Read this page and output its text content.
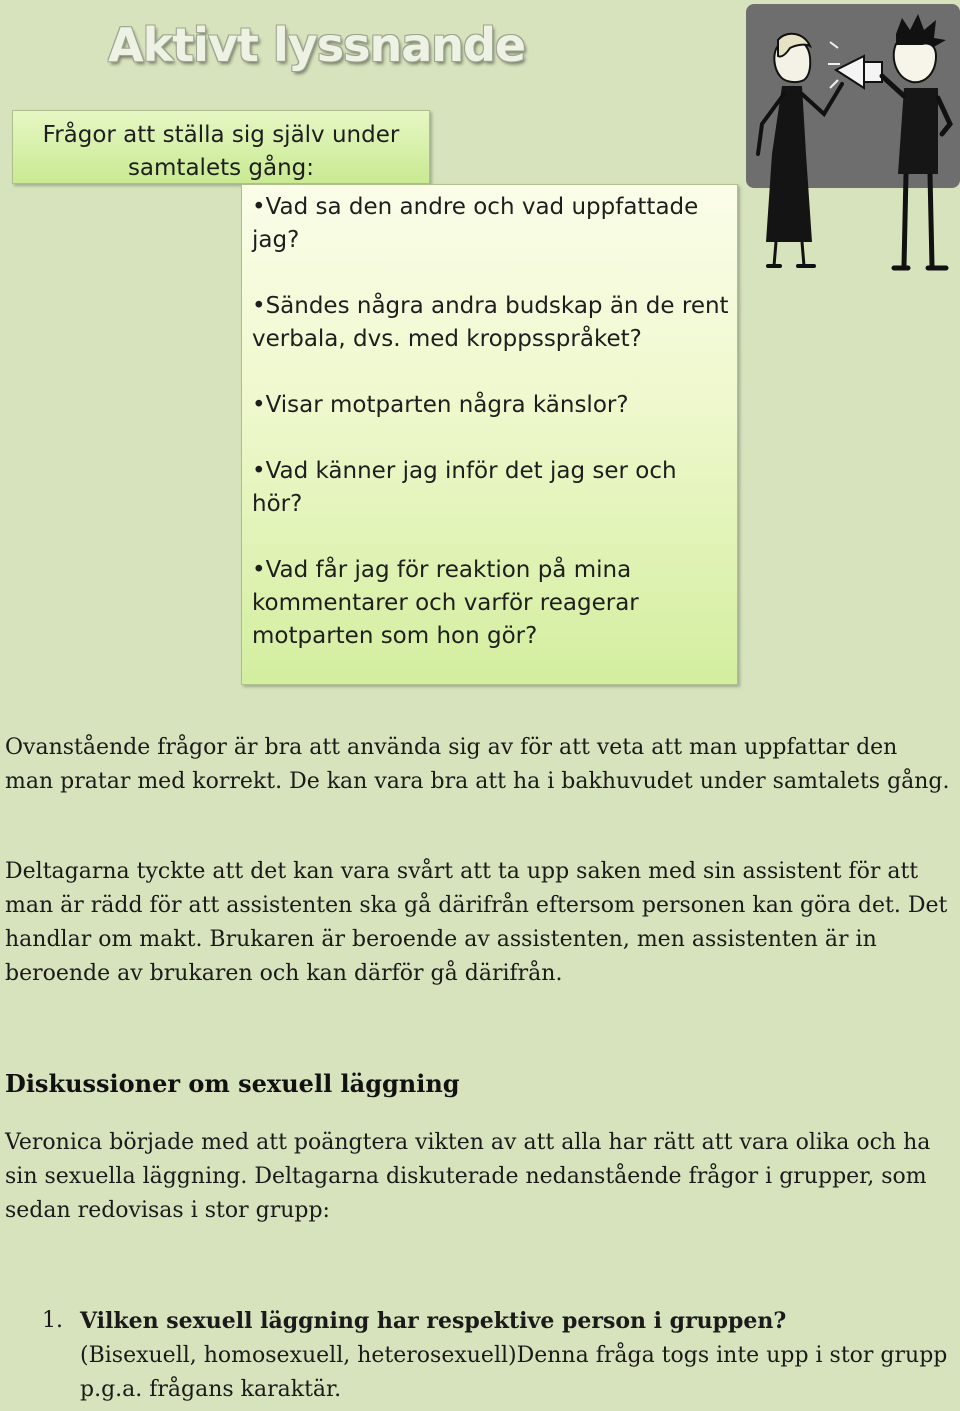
Aktivt lyssnande
Frågor att ställa sig själv under samtalets gång:
•Vad sa den andre och vad uppfattade jag?
•Sändes några andra budskap än de rent verbala, dvs. med kroppsspråket?
•Visar motparten några känslor?
•Vad känner jag inför det jag ser och hör?
•Vad får jag för reaktion på mina kommentarer och varför reagerar motparten som hon gör?

Ovanstående frågor är bra att använda sig av för att veta att man uppfattar den man pratar med korrekt. De kan vara bra att ha i bakhuvudet under samtalets gång.

Deltagarna tyckte att det kan vara svårt att ta upp saken med sin assistent för att man är rädd för att assistenten ska gå därifrån eftersom personen kan göra det. Det handlar om makt. Brukaren är beroende av assistenten, men assistenten är in beroende av brukaren och kan därför gå därifrån.

Diskussioner om sexuell läggning

Veronica började med att poängtera vikten av att alla har rätt att vara olika och ha sin sexuella läggning. Deltagarna diskuterade nedanstående frågor i grupper, som sedan redovisas i stor grupp:

1. Vilken sexuell läggning har respektive person i gruppen?
(Bisexuell, homosexuell, heterosexuell)Denna fråga togs inte upp i stor grupp p.g.a. frågans karaktär.
